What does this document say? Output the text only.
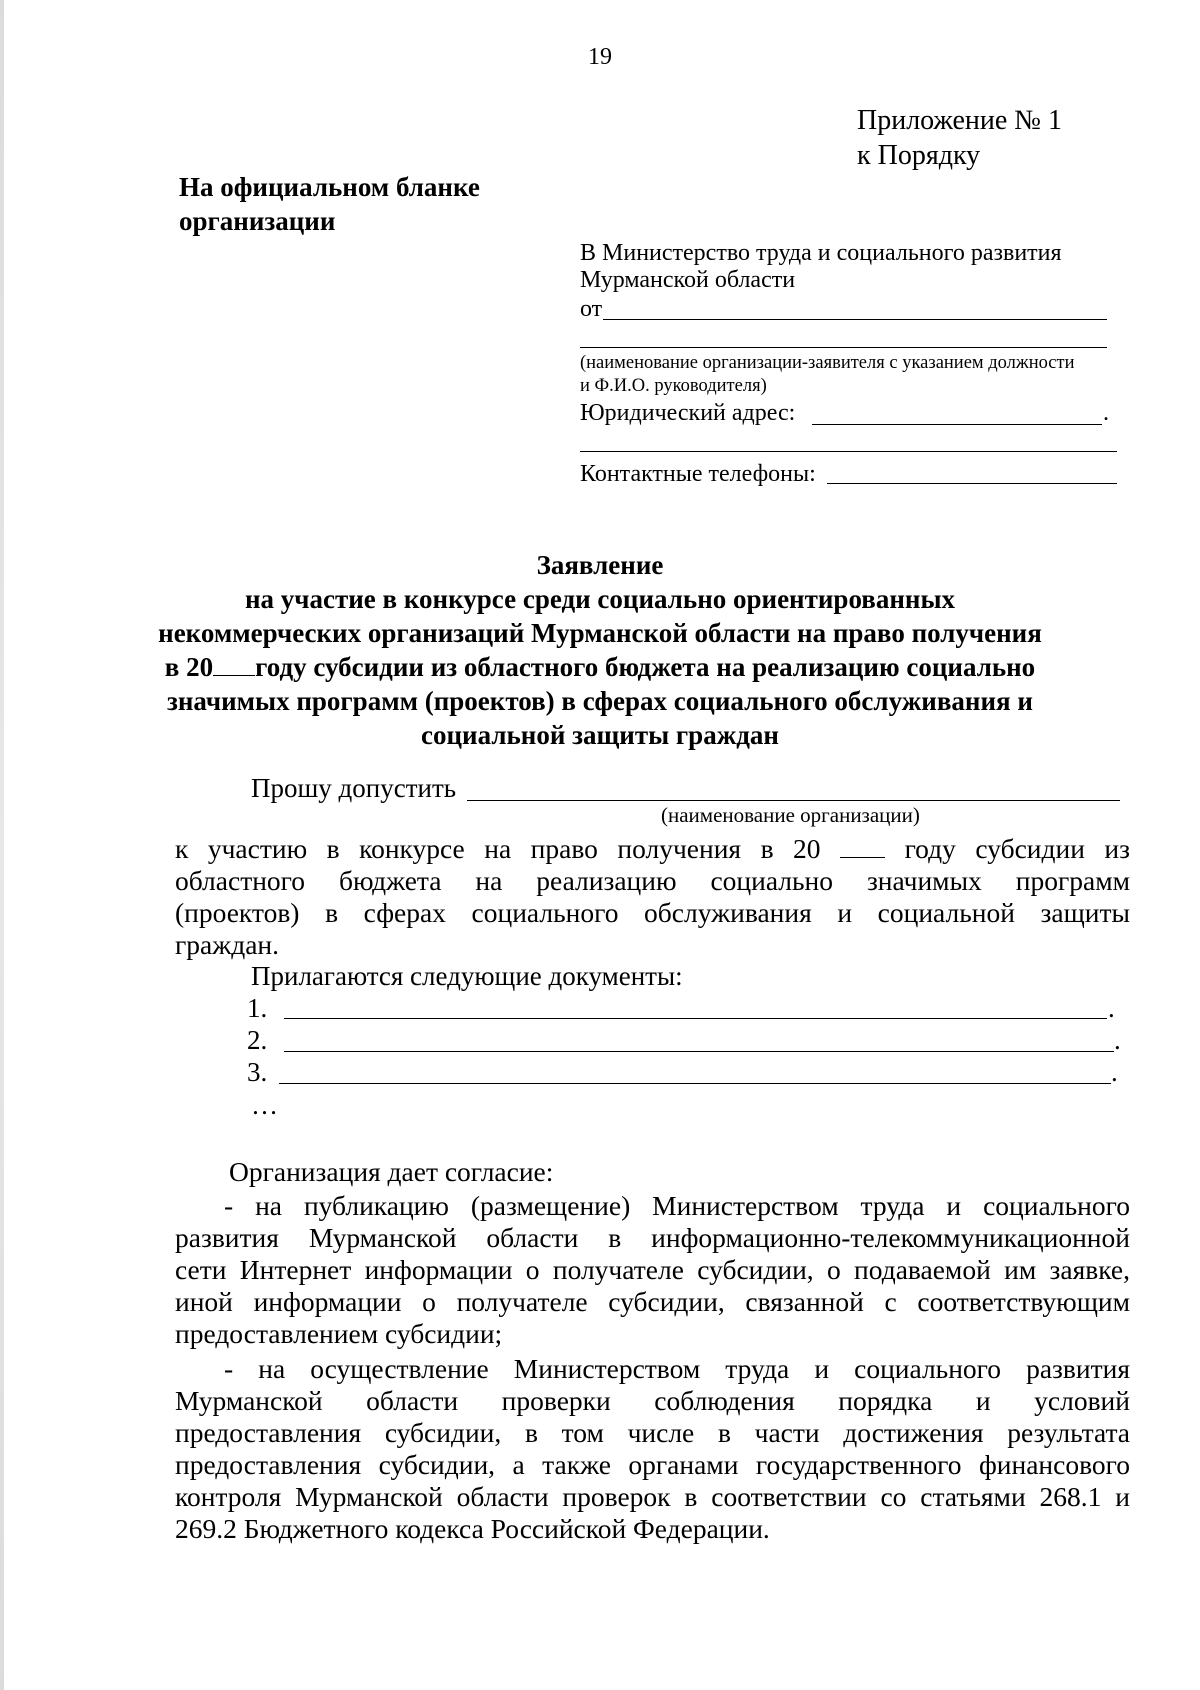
19
Приложение № 1
к Порядку
На официальном бланке
организации
В Министерство труда и социального развития
Мурманской области
от
(наименование организации-заявителя с указанием должности
и Ф.И.О. руководителя)
Юридический адрес:	.
Контактные телефоны:
Заявление
на участие в конкурсе среди социально ориентированных
некоммерческих организаций Мурманской области на право получения
в 20 году субсидии из областного бюджета на реализацию социально
значимых программ (проектов) в сферах социального обслуживания и
социальной защиты граждан
Прошу допустить
(наименование организации)
к участию в конкурсе на право получения в 20	году субсидии из
областного бюджета на реализацию социально значимых программ
(проектов) в сферах социального обслуживания и социальной защиты
граждан.
Прилагаются следующие документы:
1.	.
2.	.
3.	.
…
Организация дает согласие:
- на публикацию (размещение) Министерством труда и социального
развития Мурманской области в информационно-телекоммуникационной
сети Интернет информации о получателе субсидии, о подаваемой им заявке,
иной информации о получателе субсидии, связанной с соответствующим
предоставлением субсидии;
- на осуществление Министерством труда и социального развития
Мурманской области проверки соблюдения порядка и условий
предоставления субсидии, в том числе в части достижения результата
предоставления субсидии, а также органами государственного финансового
контроля Мурманской области проверок в соответствии со статьями 268.1 и
269.2 Бюджетного кодекса Российской Федерации.
